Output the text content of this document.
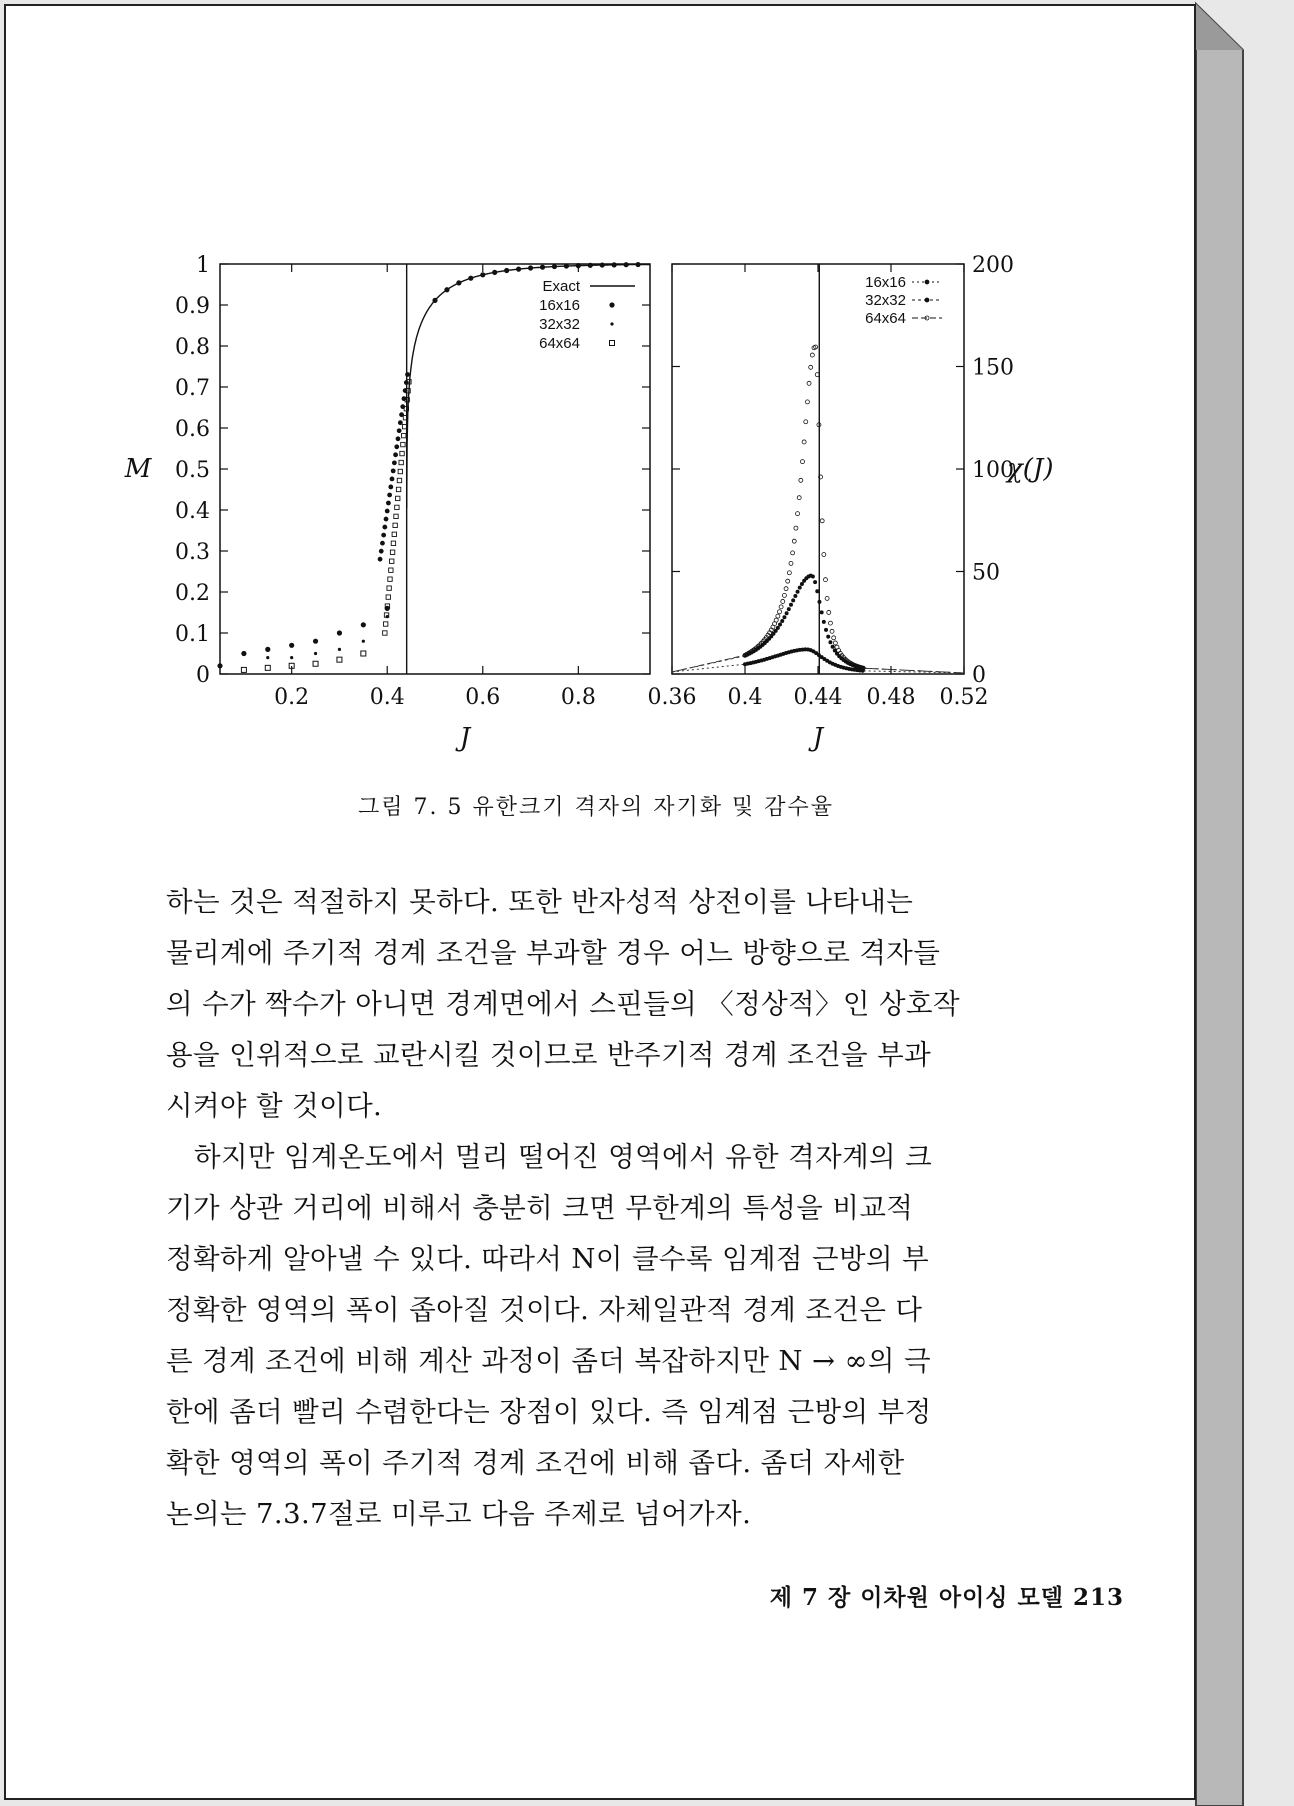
0
0.1
0.2
0.3
0.4
0.5
0.6
0.7
0.8
0.9
1
0.2	0.4	0.6	0.8
J
M
Exact
16x16
32x32
64x64
0
50
100
150
200
0.36 0.4 0.44 0.48 0.52
J
χ(J)
16x16
32x32
64x64
그림 7. 5 유한크기 격자의 자기화 및 감수율

하는 것은 적절하지 못하다. 또한 반자성적 상전이를 나타내는

물리계에 주기적 경계 조건을 부과할 경우 어느 방향으로 격자들

의 수가 짝수가 아니면 경계면에서 스핀들의 〈정상적〉인 상호작

용을 인위적으로 교란시킬 것이므로 반주기적 경계 조건을 부과

시켜야 할 것이다.

하지만 임계온도에서 멀리 떨어진 영역에서 유한 격자계의 크

기가 상관 거리에 비해서 충분히 크면 무한계의 특성을 비교적

정확하게 알아낼 수 있다. 따라서 N이 클수록 임계점 근방의 부

정확한 영역의 폭이 좁아질 것이다. 자체일관적 경계 조건은 다

른 경계 조건에 비해 계산 과정이 좀더 복잡하지만 N → ∞의 극

한에 좀더 빨리 수렴한다는 장점이 있다. 즉 임계점 근방의 부정

확한 영역의 폭이 주기적 경계 조건에 비해 좁다. 좀더 자세한

논의는 7.3.7절로 미루고 다음 주제로 넘어가자.

제 7 장 이차원 아이싱 모델 213
